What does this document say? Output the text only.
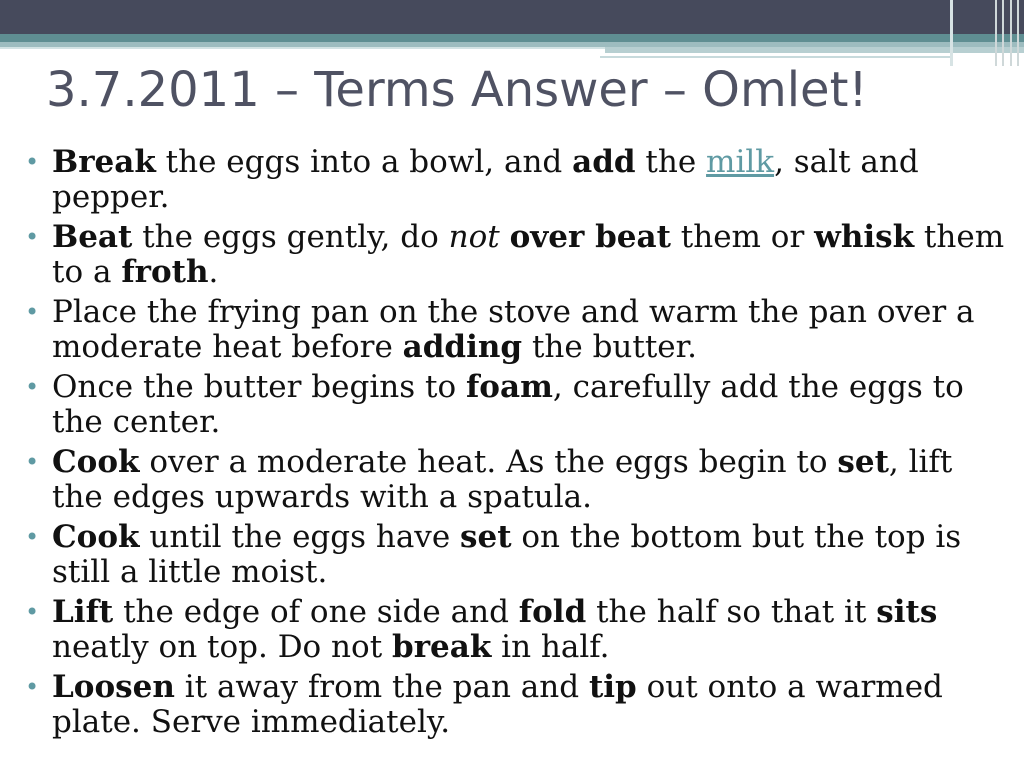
3.7.2011 – Terms Answer – Omlet!
• Break the eggs into a bowl, and add the milk, salt and pepper.
• Beat the eggs gently, do not over beat them or whisk them to a froth.
• Place the frying pan on the stove and warm the pan over a moderate heat before adding the butter.
• Once the butter begins to foam, carefully add the eggs to the center.
• Cook over a moderate heat. As the eggs begin to set, lift the edges upwards with a spatula.
• Cook until the eggs have set on the bottom but the top is still a little moist.
• Lift the edge of one side and fold the half so that it sits neatly on top. Do not break in half.
• Loosen it away from the pan and tip out onto a warmed plate. Serve immediately.
